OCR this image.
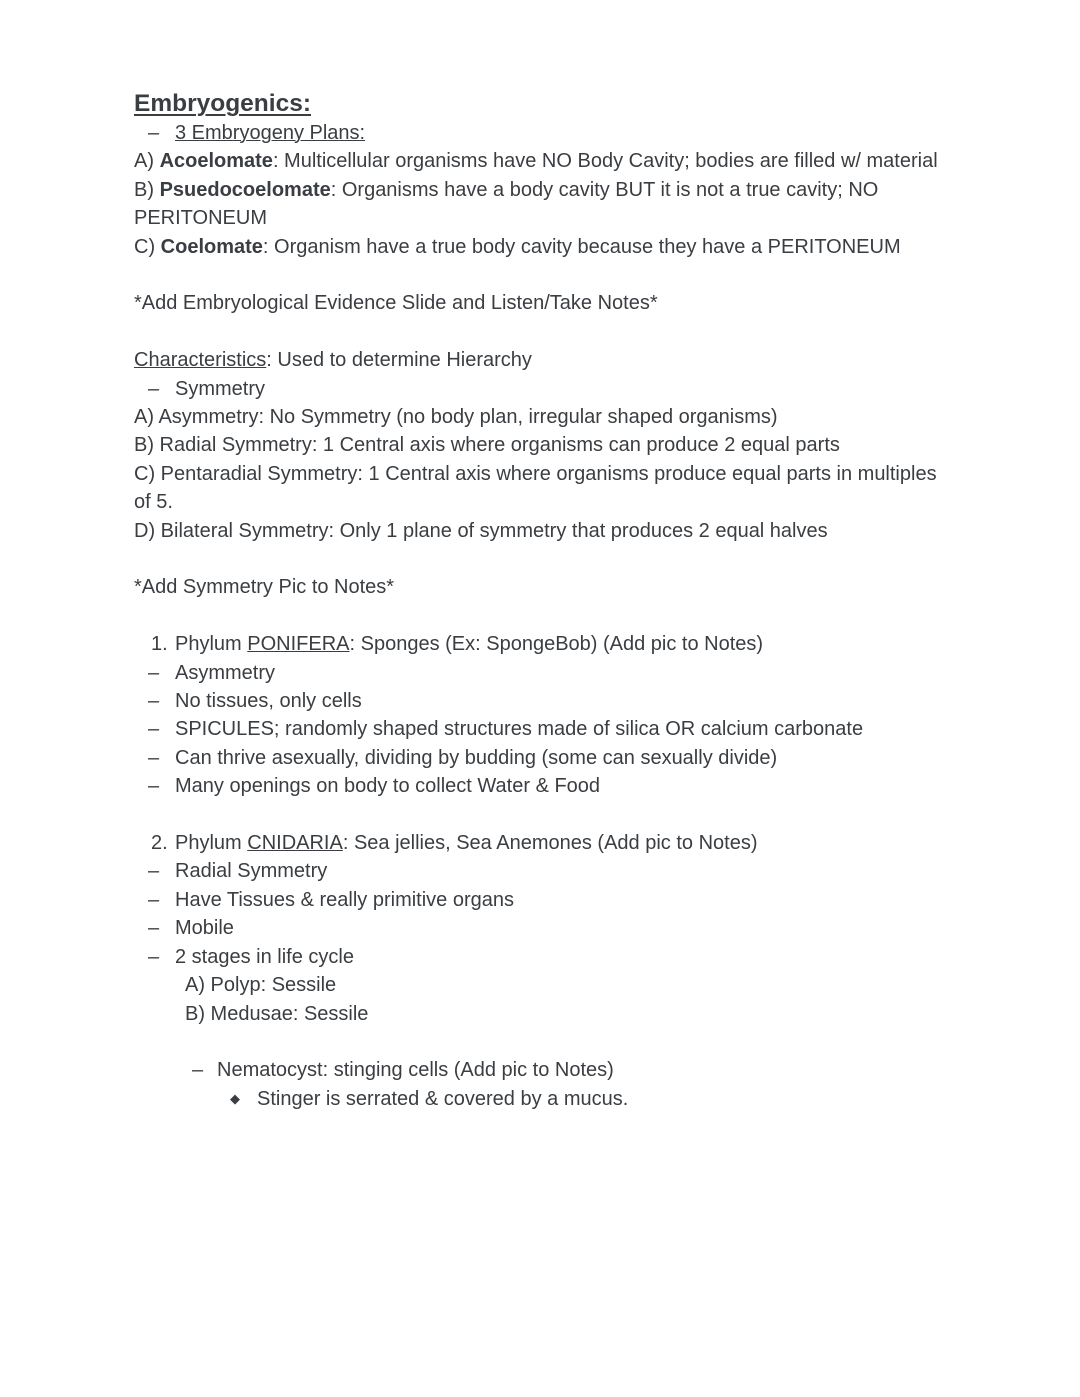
Embryogenics:
– 3 Embryogeny Plans:
A) Acoelomate: Multicellular organisms have NO Body Cavity; bodies are filled w/ material
B) Psuedocoelomate: Organisms have a body cavity BUT it is not a true cavity; NO PERITONEUM
C) Coelomate: Organism have a true body cavity because they have a PERITONEUM
*Add Embryological Evidence Slide and Listen/Take Notes*
Characteristics: Used to determine Hierarchy
– Symmetry
A) Asymmetry: No Symmetry (no body plan, irregular shaped organisms)
B) Radial Symmetry: 1 Central axis where organisms can produce 2 equal parts
C) Pentaradial Symmetry: 1 Central axis where organisms produce equal parts in multiples of 5.
D) Bilateral Symmetry: Only 1 plane of symmetry that produces 2 equal halves
*Add Symmetry Pic to Notes*
1. Phylum PONIFERA: Sponges (Ex: SpongeBob) (Add pic to Notes)
– Asymmetry
– No tissues, only cells
– SPICULES; randomly shaped structures made of silica OR calcium carbonate
– Can thrive asexually, dividing by budding (some can sexually divide)
– Many openings on body to collect Water & Food
2. Phylum CNIDARIA: Sea jellies, Sea Anemones (Add pic to Notes)
– Radial Symmetry
– Have Tissues & really primitive organs
– Mobile
– 2 stages in life cycle
A) Polyp: Sessile
B) Medusae: Sessile
– Nematocyst: stinging cells (Add pic to Notes)
◆ Stinger is serrated & covered by a mucus.
